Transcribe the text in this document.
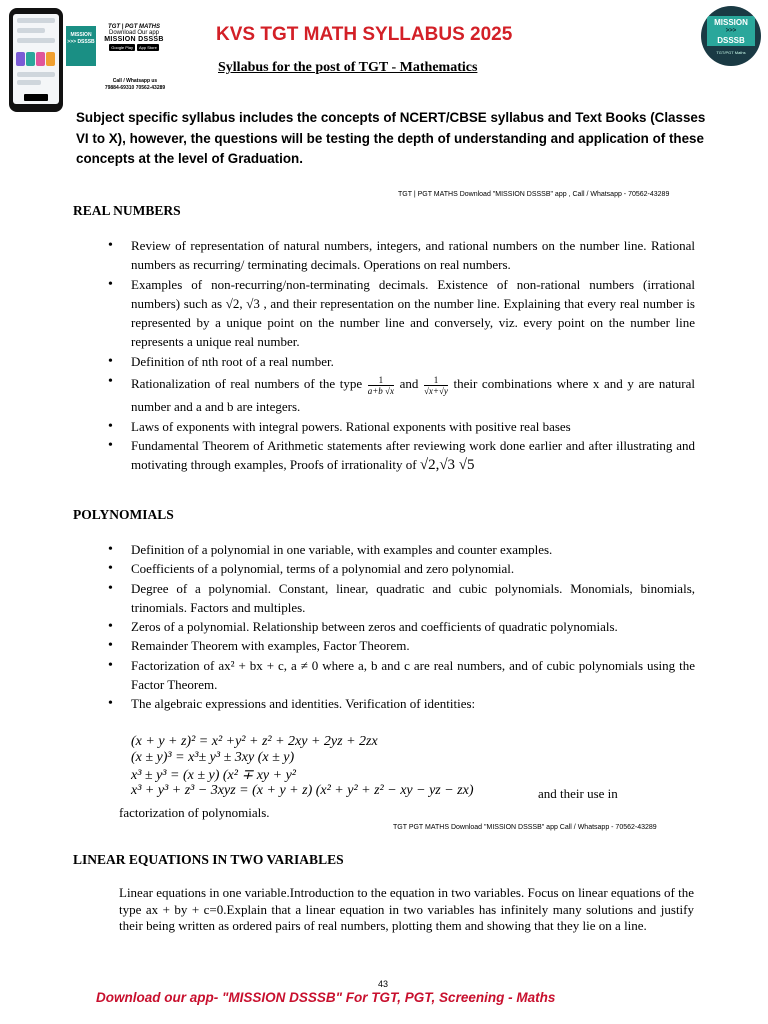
MISSION >>> DSSSB
TGT | PGT MATHS
Download Our app
MISSION DSSSB
Google Play	App Store
Call / Whatsapp us
79884-69310 70562-43289
KVS TGT MATH SYLLABUS 2025
Syllabus for the post of TGT - Mathematics
MISSION
>>>
DSSSB
TGT/PGT Maths
Subject specific syllabus includes the concepts of NCERT/CBSE syllabus and Text Books (Classes VI to X), however, the questions will be testing the depth of understanding and application of these concepts at the level of Graduation.
TGT | PGT MATHS Download "MISSION DSSSB" app , Call / Whatsapp - 70562-43289
REAL NUMBERS
• Review of representation of natural numbers, integers, and rational numbers on the number line. Rational numbers as recurring/ terminating decimals. Operations on real numbers.
• Examples of non-recurring/non-terminating decimals. Existence of non-rational numbers (irrational numbers) such as √2, √3 , and their representation on the number line. Explaining that every real number is represented by a unique point on the number line and conversely, viz. every point on the number line represents a unique real number.
• Definition of nth root of a real number.
• Rationalization of real numbers of the type $\frac{1}{a+b √x}$ and $\frac{1}{√x+√y}$ their combinations where x and y are natural number and a and b are integers.
• Laws of exponents with integral powers. Rational exponents with positive real bases
• Fundamental Theorem of Arithmetic statements after reviewing work done earlier and after illustrating and motivating through examples, Proofs of irrationality of √2,√3 √5
POLYNOMIALS
• Definition of a polynomial in one variable, with examples and counter examples.
• Coefficients of a polynomial, terms of a polynomial and zero polynomial.
• Degree of a polynomial. Constant, linear, quadratic and cubic polynomials. Monomials, binomials, trinomials. Factors and multiples.
• Zeros of a polynomial. Relationship between zeros and coefficients of quadratic polynomials.
• Remainder Theorem with examples, Factor Theorem.
• Factorization of ax² + bx + c, a ≠ 0 where a, b and c are real numbers, and of cubic polynomials using the Factor Theorem.
• The algebraic expressions and identities. Verification of identities:
(x + y + z)² = x² +y² + z² + 2xy + 2yz + 2zx
(x ± y)³ = x³± y³ ± 3xy (x ± y)
x³ ± y³ = (x ± y) (x² ∓ xy + y²
x³ + y³ + z³ − 3xyz = (x + y + z) (x² + y² + z² − xy − yz − zx)	and their use in
factorization of polynomials.
TGT PGT MATHS Download "MISSION DSSSB" app Call / Whatsapp - 70562-43289
LINEAR EQUATIONS IN TWO VARIABLES
Linear equations in one variable.Introduction to the equation in two variables. Focus on linear equations of the type ax + by + c=0.Explain that a linear equation in two variables has infinitely many solutions and justify their being written as ordered pairs of real numbers, plotting them and showing that they lie on a line.
43
Download our app- "MISSION DSSSB" For TGT, PGT, Screening - Maths
